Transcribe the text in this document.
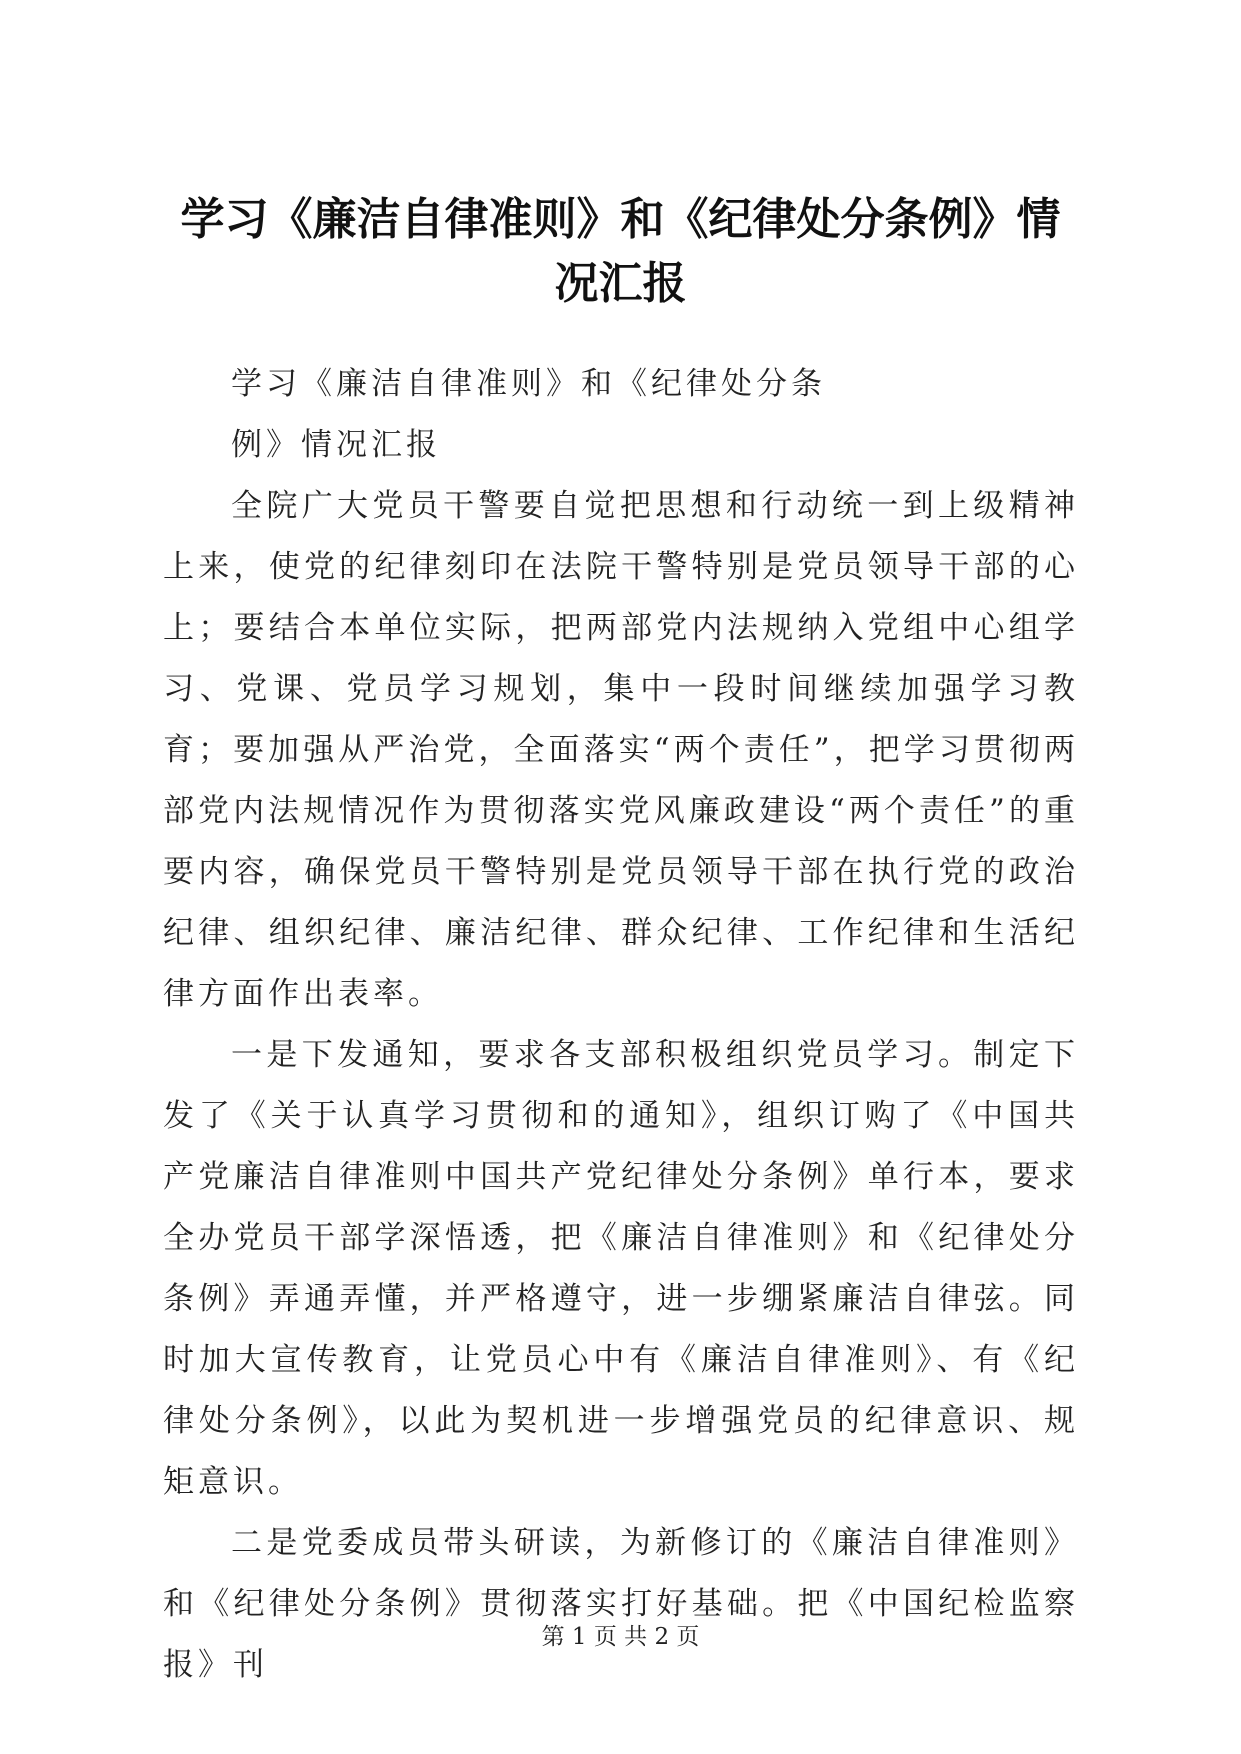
学习《廉洁自律准则》和《纪律处分条例》情况汇报
学习《廉洁自律准则》和《纪律处分条
例》情况汇报

全院广大党员干警要自觉把思想和行动统一到上级精神上来，使党的纪律刻印在法院干警特别是党员领导干部的心上；要结合本单位实际，把两部党内法规纳入党组中心组学习、党课、党员学习规划，集中一段时间继续加强学习教育；要加强从严治党，全面落实“两个责任”，把学习贯彻两部党内法规情况作为贯彻落实党风廉政建设“两个责任”的重要内容，确保党员干警特别是党员领导干部在执行党的政治纪律、组织纪律、廉洁纪律、群众纪律、工作纪律和生活纪律方面作出表率。

一是下发通知，要求各支部积极组织党员学习。制定下发了《关于认真学习贯彻和的通知》，组织订购了《中国共产党廉洁自律准则中国共产党纪律处分条例》单行本，要求全办党员干部学深悟透，把《廉洁自律准则》和《纪律处分条例》弄通弄懂，并严格遵守，进一步绷紧廉洁自律弦。同时加大宣传教育，让党员心中有《廉洁自律准则》、有《纪律处分条例》，以此为契机进一步增强党员的纪律意识、规矩意识。

二是党委成员带头研读，为新修订的《廉洁自律准则》和《纪律处分条例》贯彻落实打好基础。把《中国纪检监察报》刊

第 1 页 共 2 页
